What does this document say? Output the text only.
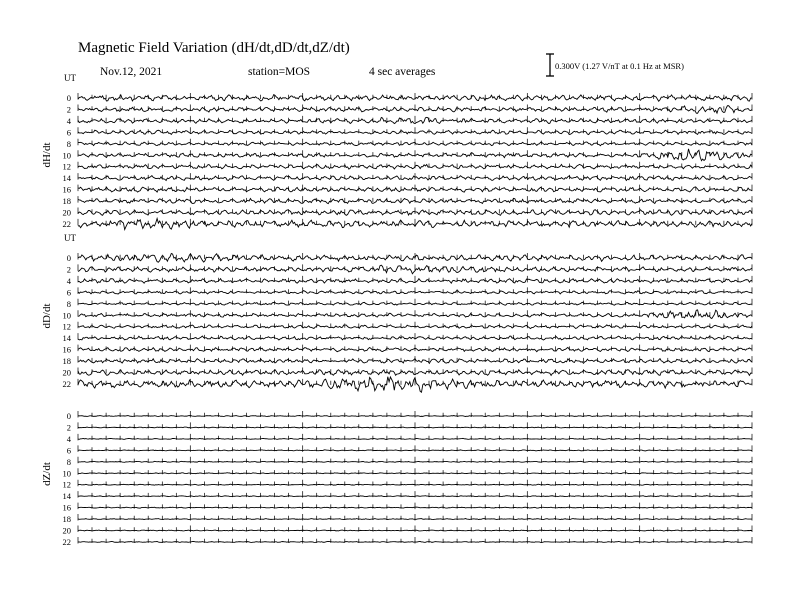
UT
dH/dt
0
2
4
6
8
10
12
14
16
18
20
22
UT
dD/dt
0
2
4
6
8
10
12
14
16
18
20
22
dZ/dt
0
2
4
6
8
10
12
14
16
18
20
22
Magnetic Field Variation (dH/dt,dD/dt,dZ/dt)
Nov.12, 2021	station=MOS	4 sec averages	0.300V (1.27 V/nT at 0.1 Hz at MSR)
